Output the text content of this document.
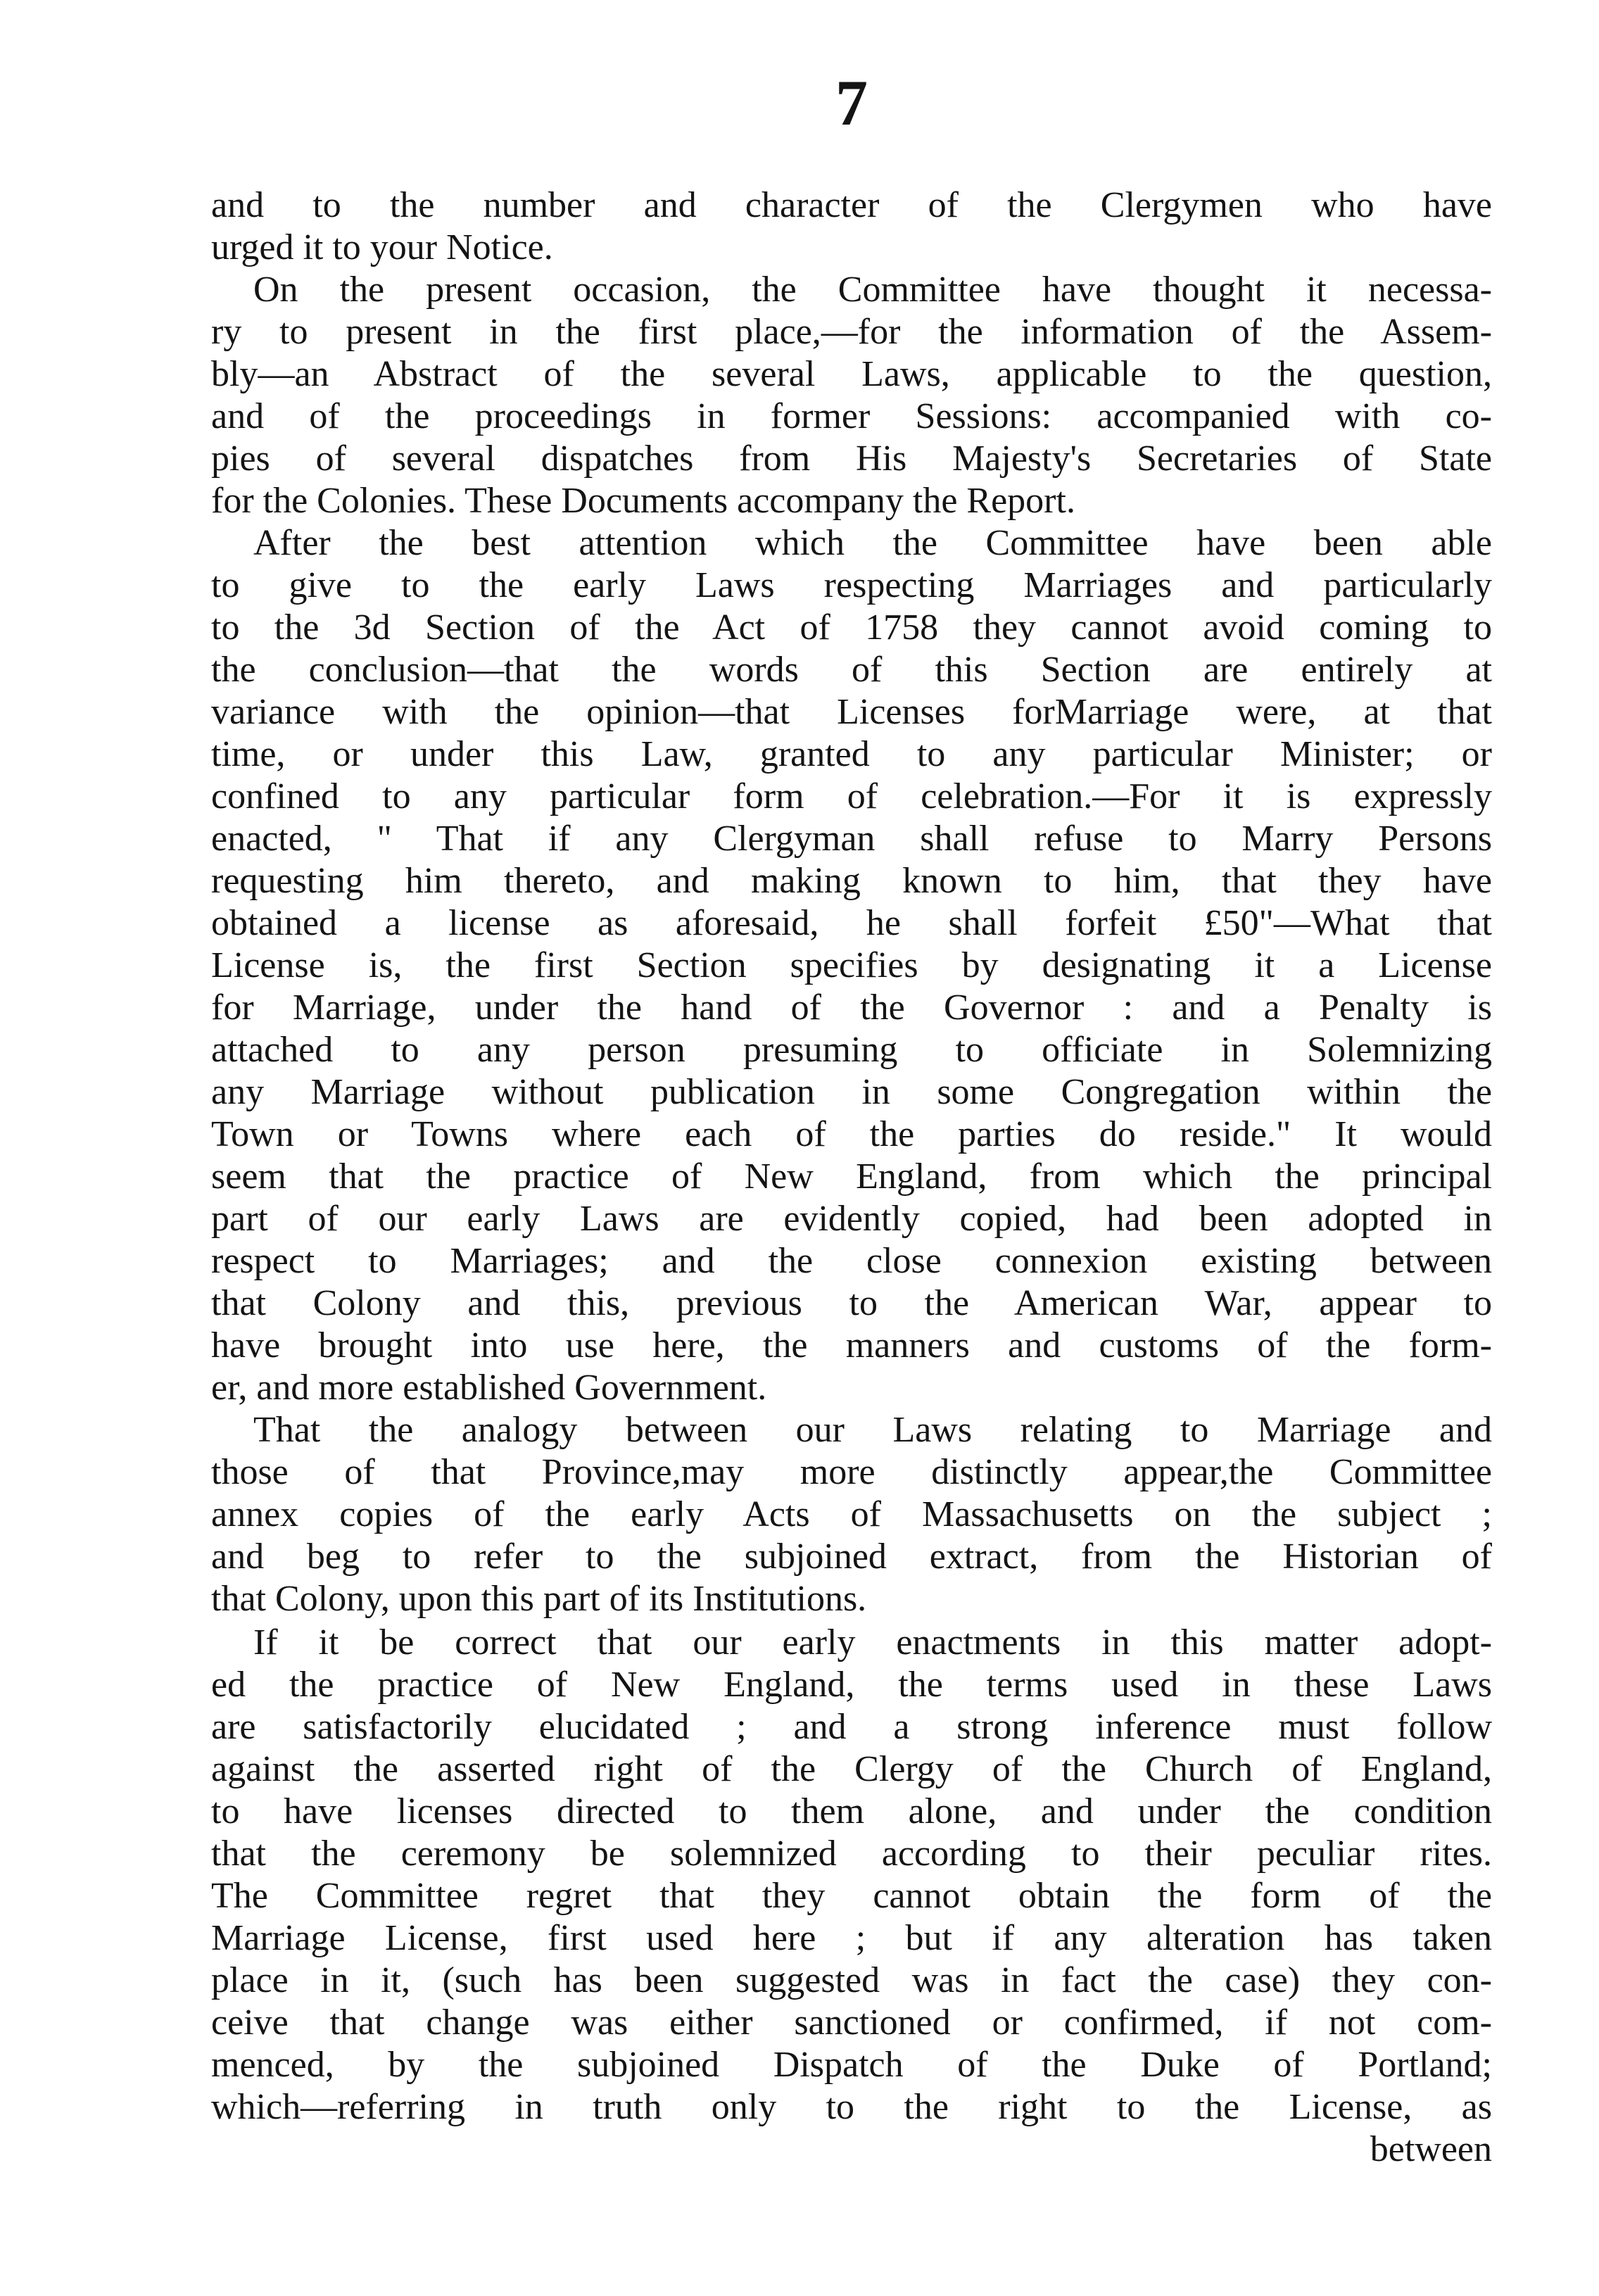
7
and to the number and character of the Clergymen who have
urged it to your Notice.
On the present occasion, the Committee have thought it necessa-
ry to present in the first place,—for the information of the Assem-
bly—an Abstract of the several Laws, applicable to the question,
and of the proceedings in former Sessions: accompanied with co-
pies of several dispatches from His Majesty's Secretaries of State
for the Colonies. These Documents accompany the Report.
After the best attention which the Committee have been able
to give to the early Laws respecting Marriages and particularly
to the 3d Section of the Act of 1758 they cannot avoid coming to
the conclusion—that the words of this Section are entirely at
variance with the opinion—that Licenses forMarriage were, at that
time, or under this Law, granted to any particular Minister; or
confined to any particular form of celebration.—For it is expressly
enacted, " That if any Clergyman shall refuse to Marry Persons
requesting him thereto, and making known to him, that they have
obtained a license as aforesaid, he shall forfeit £50"—What that
License is, the first Section specifies by designating it a License
for Marriage, under the hand of the Governor : and a Penalty is
attached to any person presuming to officiate in Solemnizing
any Marriage without publication in some Congregation within the
Town or Towns where each of the parties do reside." It would
seem that the practice of New England, from which the principal
part of our early Laws are evidently copied, had been adopted in
respect to Marriages; and the close connexion existing between
that Colony and this, previous to the American War, appear to
have brought into use here, the manners and customs of the form-
er, and more established Government.
That the analogy between our Laws relating to Marriage and
those of that Province,may more distinctly appear,the Committee
annex copies of the early Acts of Massachusetts on the subject ;
and beg to refer to the subjoined extract, from the Historian of
that Colony, upon this part of its Institutions.
If it be correct that our early enactments in this matter adopt-
ed the practice of New England, the terms used in these Laws
are satisfactorily elucidated ; and a strong inference must follow
against the asserted right of the Clergy of the Church of England,
to have licenses directed to them alone, and under the condition
that the ceremony be solemnized according to their peculiar rites.
The Committee regret that they cannot obtain the form of the
Marriage License, first used here ; but if any alteration has taken
place in it, (such has been suggested was in fact the case) they con-
ceive that change was either sanctioned or confirmed, if not com-
menced, by the subjoined Dispatch of the Duke of Portland;
which—referring in truth only to the right to the License, as
between
